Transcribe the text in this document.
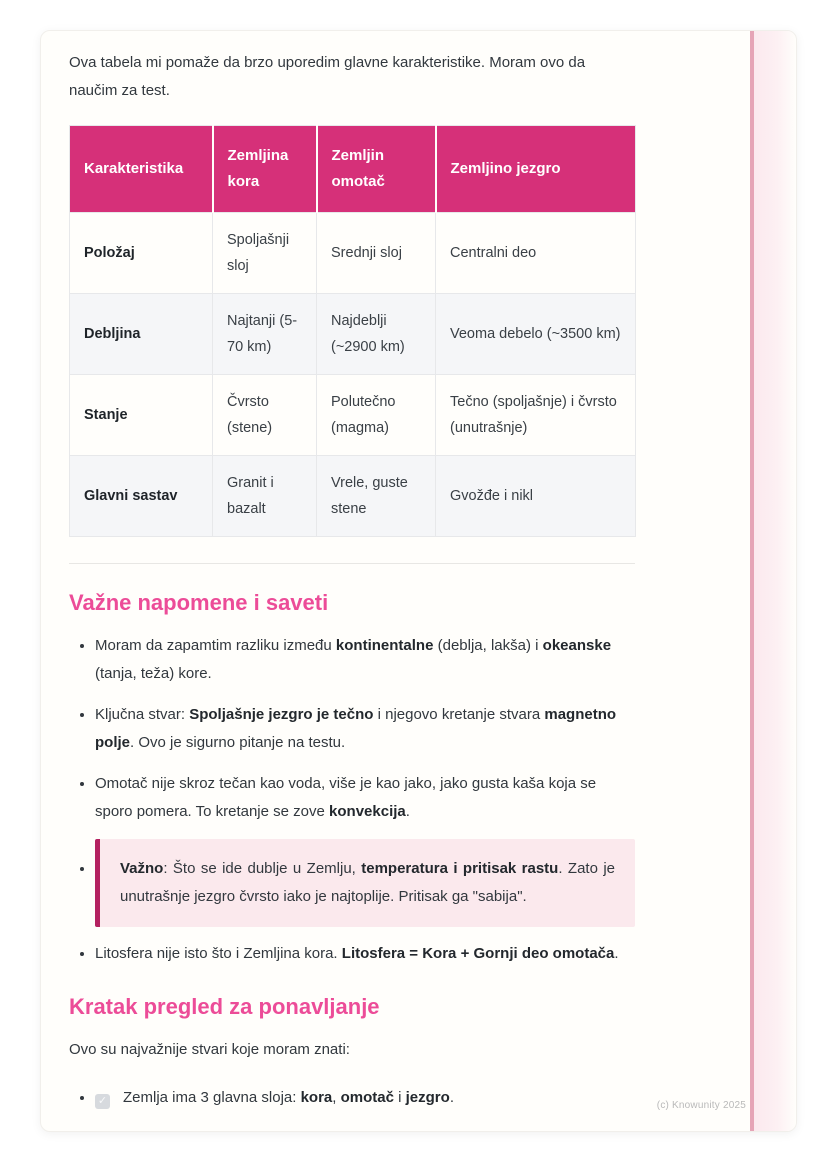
Ova tabela mi pomaže da brzo uporedim glavne karakteristike. Moram ovo da naučim za test.

Karakteristika	Zemljina kora	Zemljin omotač	Zemljino jezgro
Položaj	Spoljašnji sloj	Srednji sloj	Centralni deo
Debljina	Najtanji (5-70 km)	Najdeblji (~2900 km)	Veoma debelo (~3500 km)
Stanje	Čvrsto (stene)	Polutečno (magma)	Tečno (spoljašnje) i čvrsto (unutrašnje)
Glavni sastav	Granit i bazalt	Vrele, guste stene	Gvožđe i nikl
Važne napomene i saveti
• Moram da zapamtim razliku između kontinentalne (deblja, lakša) i okeanske (tanja, teža) kore.
• Ključna stvar: Spoljašnje jezgro je tečno i njegovo kretanje stvara magnetno polje. Ovo je sigurno pitanje na testu.
• Omotač nije skroz tečan kao voda, više je kao jako, jako gusta kaša koja se sporo pomera. To kretanje se zove konvekcija.
• Važno: Što se ide dublje u Zemlju, temperatura i pritisak rastu. Zato je unutrašnje jezgro čvrsto iako je najtoplije. Pritisak ga "sabija".
• Litosfera nije isto što i Zemljina kora. Litosfera = Kora + Gornji deo omotača.
Kratak pregled za ponavljanje

Ovo su najvažnije stvari koje moram znati:

• ✓ Zemlja ima 3 glavna sloja: kora, omotač i jezgro.	(c) Knowunity 2025
